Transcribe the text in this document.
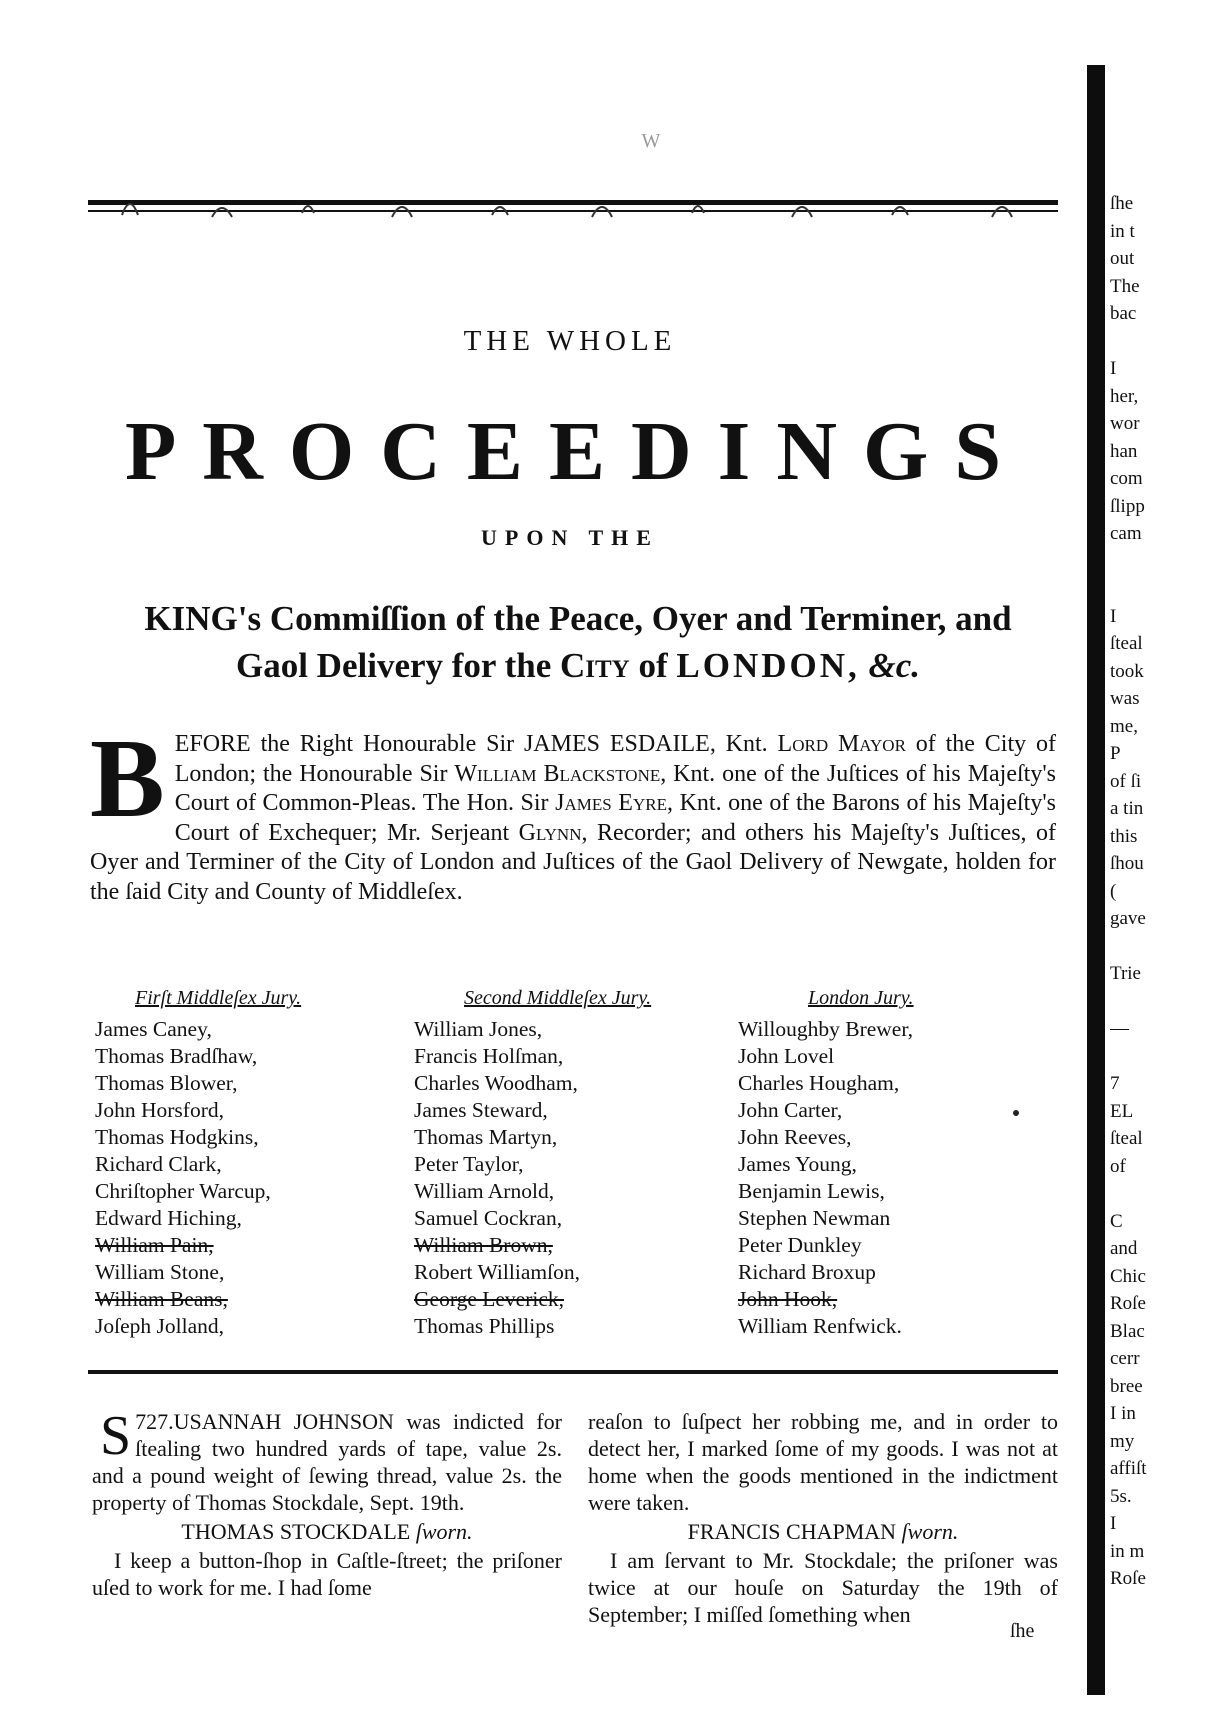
W
THE WHOLE
PROCEEDINGS
UPON THE
KING's Commiſſion of the Peace, Oyer and Terminer, and
Gaol Delivery for the City of LONDON, &c.
B EFORE the Right Honourable Sir JAMES ESDAILE, Knt. Lord Mayor of the City of London; the Honourable Sir William Blackstone, Knt. one of the Juſtices of his Majeſty's Court of Common-Pleas. The Hon. Sir James Eyre, Knt. one of the Barons of his Majeſty's Court of Exchequer; Mr. Serjeant Glynn, Recorder; and others his Majeſty's Juſtices, of Oyer and Terminer of the City of London and Juſtices of the Gaol Delivery of Newgate, holden for the ſaid City and County of Middleſex.
Firſt Middleſex Jury.
James Caney,
Thomas Bradſhaw,
Thomas Blower,
John Horsford,
Thomas Hodgkins,
Richard Clark,
Chriſtopher Warcup,
Edward Hiching,
William Pain,
William Stone,
William Beans,
Joſeph Jolland,
Second Middleſex Jury.
William Jones,
Francis Holſman,
Charles Woodham,
James Steward,
Thomas Martyn,
Peter Taylor,
William Arnold,
Samuel Cockran,
William Brown,
Robert Williamſon,
George Leverick,
Thomas Phillips
London Jury.
Willoughby Brewer,
John Lovel
Charles Hougham,
John Carter,
John Reeves,
James Young,
Benjamin Lewis,
Stephen Newman
Peter Dunkley
Richard Broxup
John Hook,
William Renfwick.

727.
S USANNAH JOHNSON was indicted for ſtealing two hundred yards of tape, value 2s. and a pound weight of ſewing thread, value 2s. the property of Thomas Stockdale, Sept. 19th.

THOMAS STOCKDALE ſworn.

I keep a button-ſhop in Caſtle-ſtreet; the priſoner uſed to work for me. I had ſome

reaſon to ſuſpect her robbing me, and in order to detect her, I marked ſome of my goods. I was not at home when the goods mentioned in the indictment were taken.

FRANCIS CHAPMAN ſworn.

I am ſervant to Mr. Stockdale; the priſoner was twice at our houſe on Saturday the 19th of September; I miſſed ſomething when

ſhe
ſhe
in t
out
The
bac
I
her,
wor
han
com
ſlipp
cam
I
ſteal
took
was
me,
P
of ſi
a tin
this
ſhou
(
gave
Trie
—
7
EL
ſteal
of
C
and
Chic
Roſe
Blac
cerr
bree
I in
my
affiſt
5s.
I
in m
Roſe
